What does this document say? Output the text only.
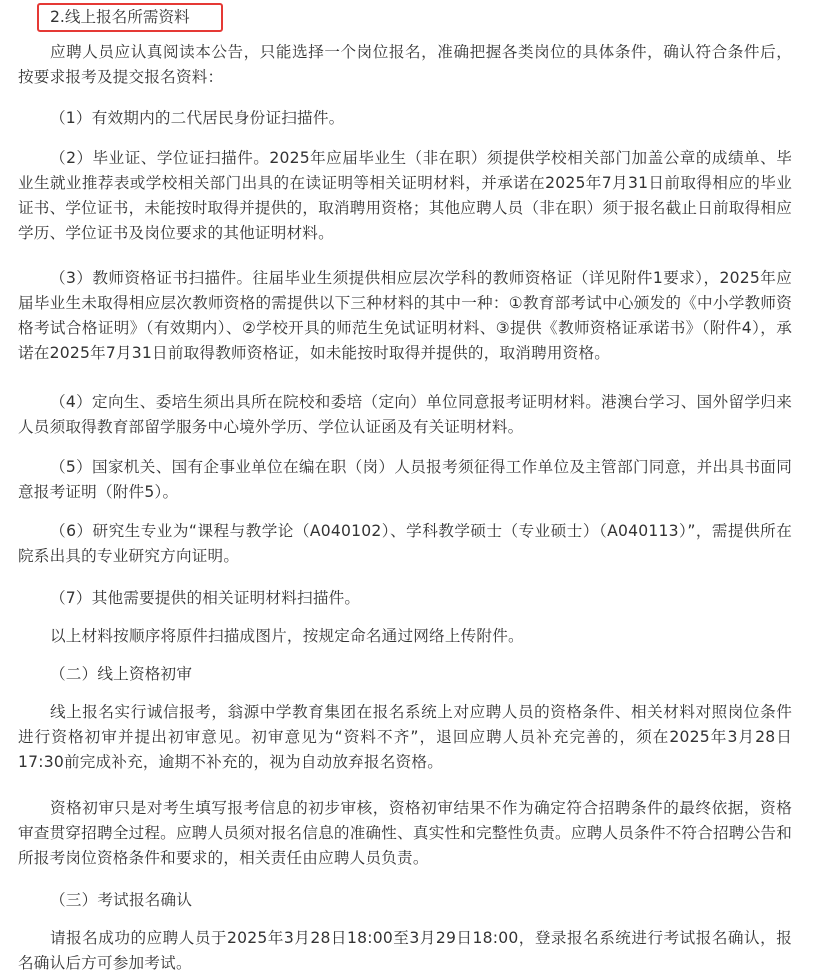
2.线上报名所需资料

应聘人员应认真阅读本公告，只能选择一个岗位报名，准确把握各类岗位的具体条件，确认符合条件后，按要求报考及提交报名资料：

（1）有效期内的二代居民身份证扫描件。

（2）毕业证、学位证扫描件。2025年应届毕业生（非在职）须提供学校相关部门加盖公章的成绩单、毕业生就业推荐表或学校相关部门出具的在读证明等相关证明材料，并承诺在2025年7月31日前取得相应的毕业证书、学位证书，未能按时取得并提供的，取消聘用资格；其他应聘人员（非在职）须于报名截止日前取得相应学历、学位证书及岗位要求的其他证明材料。

（3）教师资格证书扫描件。往届毕业生须提供相应层次学科的教师资格证（详见附件1要求），2025年应届毕业生未取得相应层次教师资格的需提供以下三种材料的其中一种：①教育部考试中心颁发的《中小学教师资格考试合格证明》（有效期内）、②学校开具的师范生免试证明材料、③提供《教师资格证承诺书》（附件4），承诺在2025年7月31日前取得教师资格证，如未能按时取得并提供的，取消聘用资格。

（4）定向生、委培生须出具所在院校和委培（定向）单位同意报考证明材料。港澳台学习、国外留学归来人员须取得教育部留学服务中心境外学历、学位认证函及有关证明材料。

（5）国家机关、国有企事业单位在编在职（岗）人员报考须征得工作单位及主管部门同意，并出具书面同意报考证明（附件5）。

（6）研究生专业为“课程与教学论（A040102）、学科教学硕士（专业硕士）（A040113）”，需提供所在院系出具的专业研究方向证明。

（7）其他需要提供的相关证明材料扫描件。

以上材料按顺序将原件扫描成图片，按规定命名通过网络上传附件。

（二）线上资格初审

线上报名实行诚信报考，翁源中学教育集团在报名系统上对应聘人员的资格条件、相关材料对照岗位条件进行资格初审并提出初审意见。初审意见为“资料不齐”，退回应聘人员补充完善的，须在2025年3月28日17:30前完成补充，逾期不补充的，视为自动放弃报名资格。

资格初审只是对考生填写报考信息的初步审核，资格初审结果不作为确定符合招聘条件的最终依据，资格审查贯穿招聘全过程。应聘人员须对报名信息的准确性、真实性和完整性负责。应聘人员条件不符合招聘公告和所报考岗位资格条件和要求的，相关责任由应聘人员负责。

（三）考试报名确认

请报名成功的应聘人员于2025年3月28日18:00至3月29日18:00，登录报名系统进行考试报名确认，报名确认后方可参加考试。
